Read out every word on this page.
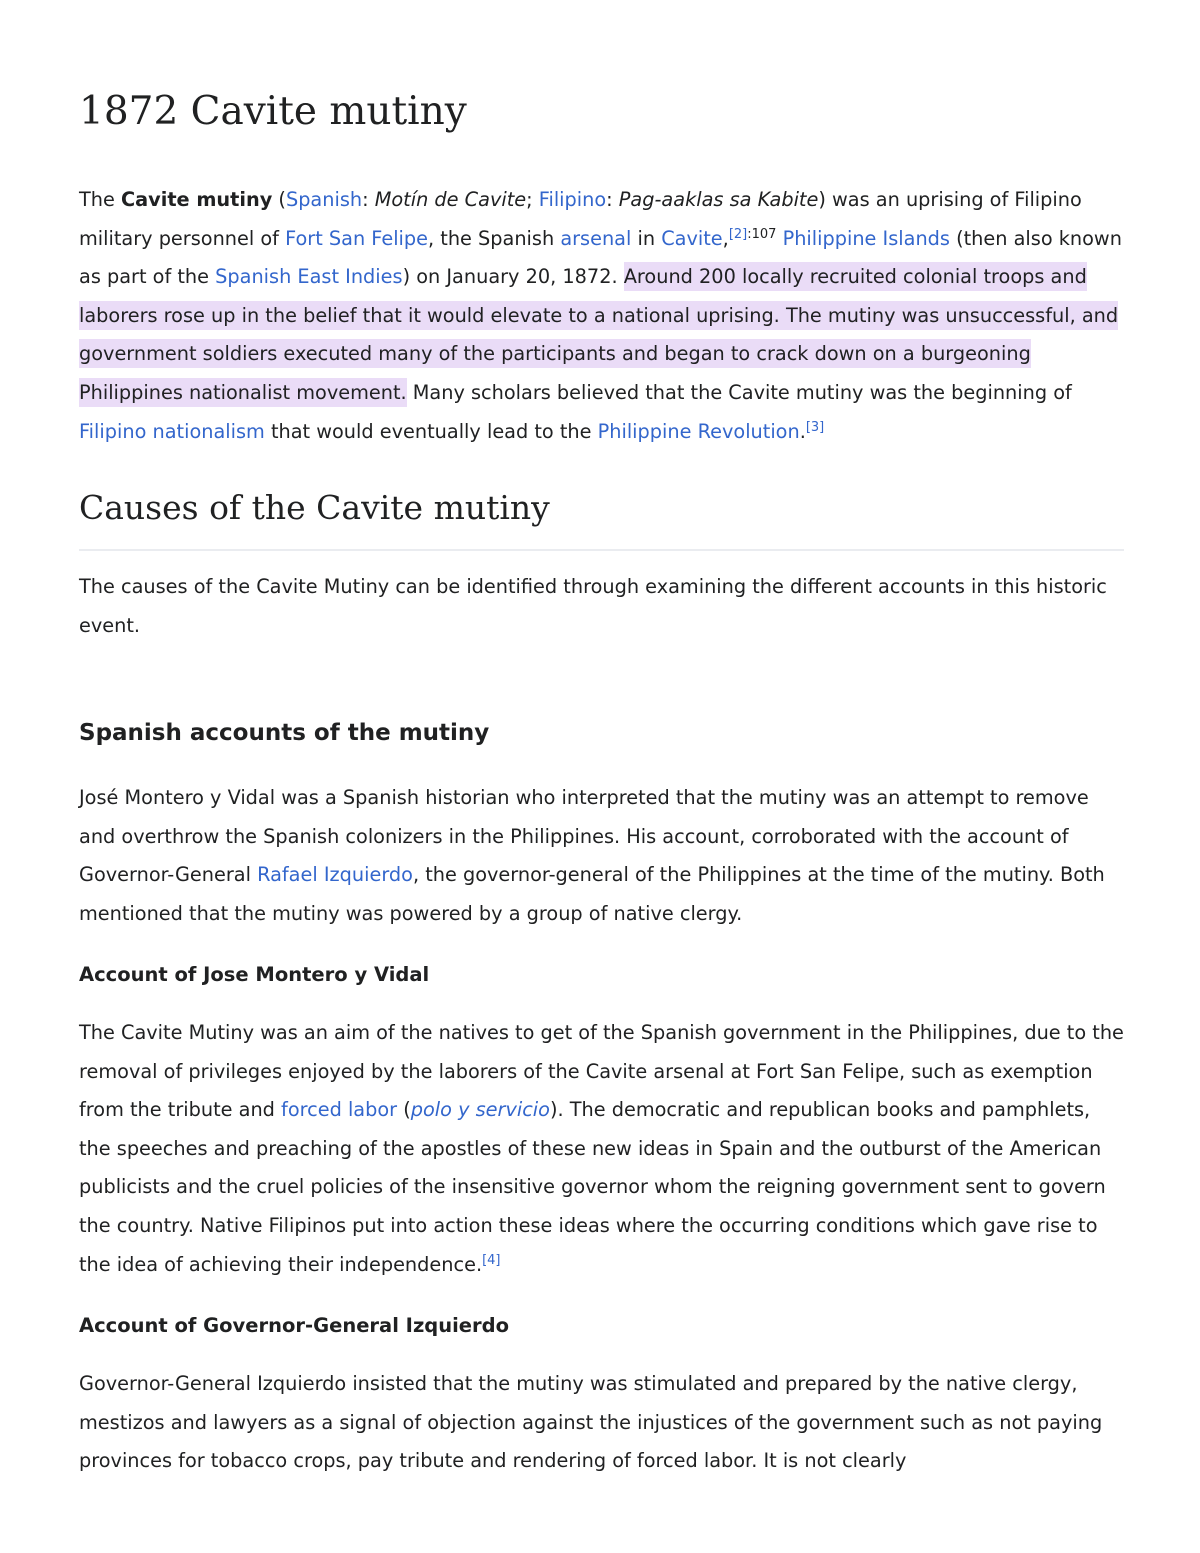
1872 Cavite mutiny

The Cavite mutiny (Spanish: Motín de Cavite; Filipino: Pag-aaklas sa Kabite) was an uprising of Filipino military personnel of Fort San Felipe, the Spanish arsenal in Cavite,$^{[2]:107}$ Philippine Islands (then also known as part of the Spanish East Indies) on January 20, 1872. Around 200 locally recruited colonial troops and laborers rose up in the belief that it would elevate to a national uprising. The mutiny was unsuccessful, and government soldiers executed many of the participants and began to crack down on a burgeoning Philippines nationalist movement. Many scholars believed that the Cavite mutiny was the beginning of Filipino nationalism that would eventually lead to the Philippine Revolution.[3]

Causes of the Cavite mutiny

The causes of the Cavite Mutiny can be identified through examining the different accounts in this historic event.

Spanish accounts of the mutiny

José Montero y Vidal was a Spanish historian who interpreted that the mutiny was an attempt to remove and overthrow the Spanish colonizers in the Philippines. His account, corroborated with the account of Governor-General Rafael Izquierdo, the governor-general of the Philippines at the time of the mutiny. Both mentioned that the mutiny was powered by a group of native clergy.

Account of Jose Montero y Vidal

The Cavite Mutiny was an aim of the natives to get of the Spanish government in the Philippines, due to the removal of privileges enjoyed by the laborers of the Cavite arsenal at Fort San Felipe, such as exemption from the tribute and forced labor (polo y servicio). The democratic and republican books and pamphlets, the speeches and preaching of the apostles of these new ideas in Spain and the outburst of the American publicists and the cruel policies of the insensitive governor whom the reigning government sent to govern the country. Native Filipinos put into action these ideas where the occurring conditions which gave rise to the idea of achieving their independence.[4]

Account of Governor-General Izquierdo

Governor-General Izquierdo insisted that the mutiny was stimulated and prepared by the native clergy, mestizos and lawyers as a signal of objection against the injustices of the government such as not paying provinces for tobacco crops, pay tribute and rendering of forced labor. It is not clearly
